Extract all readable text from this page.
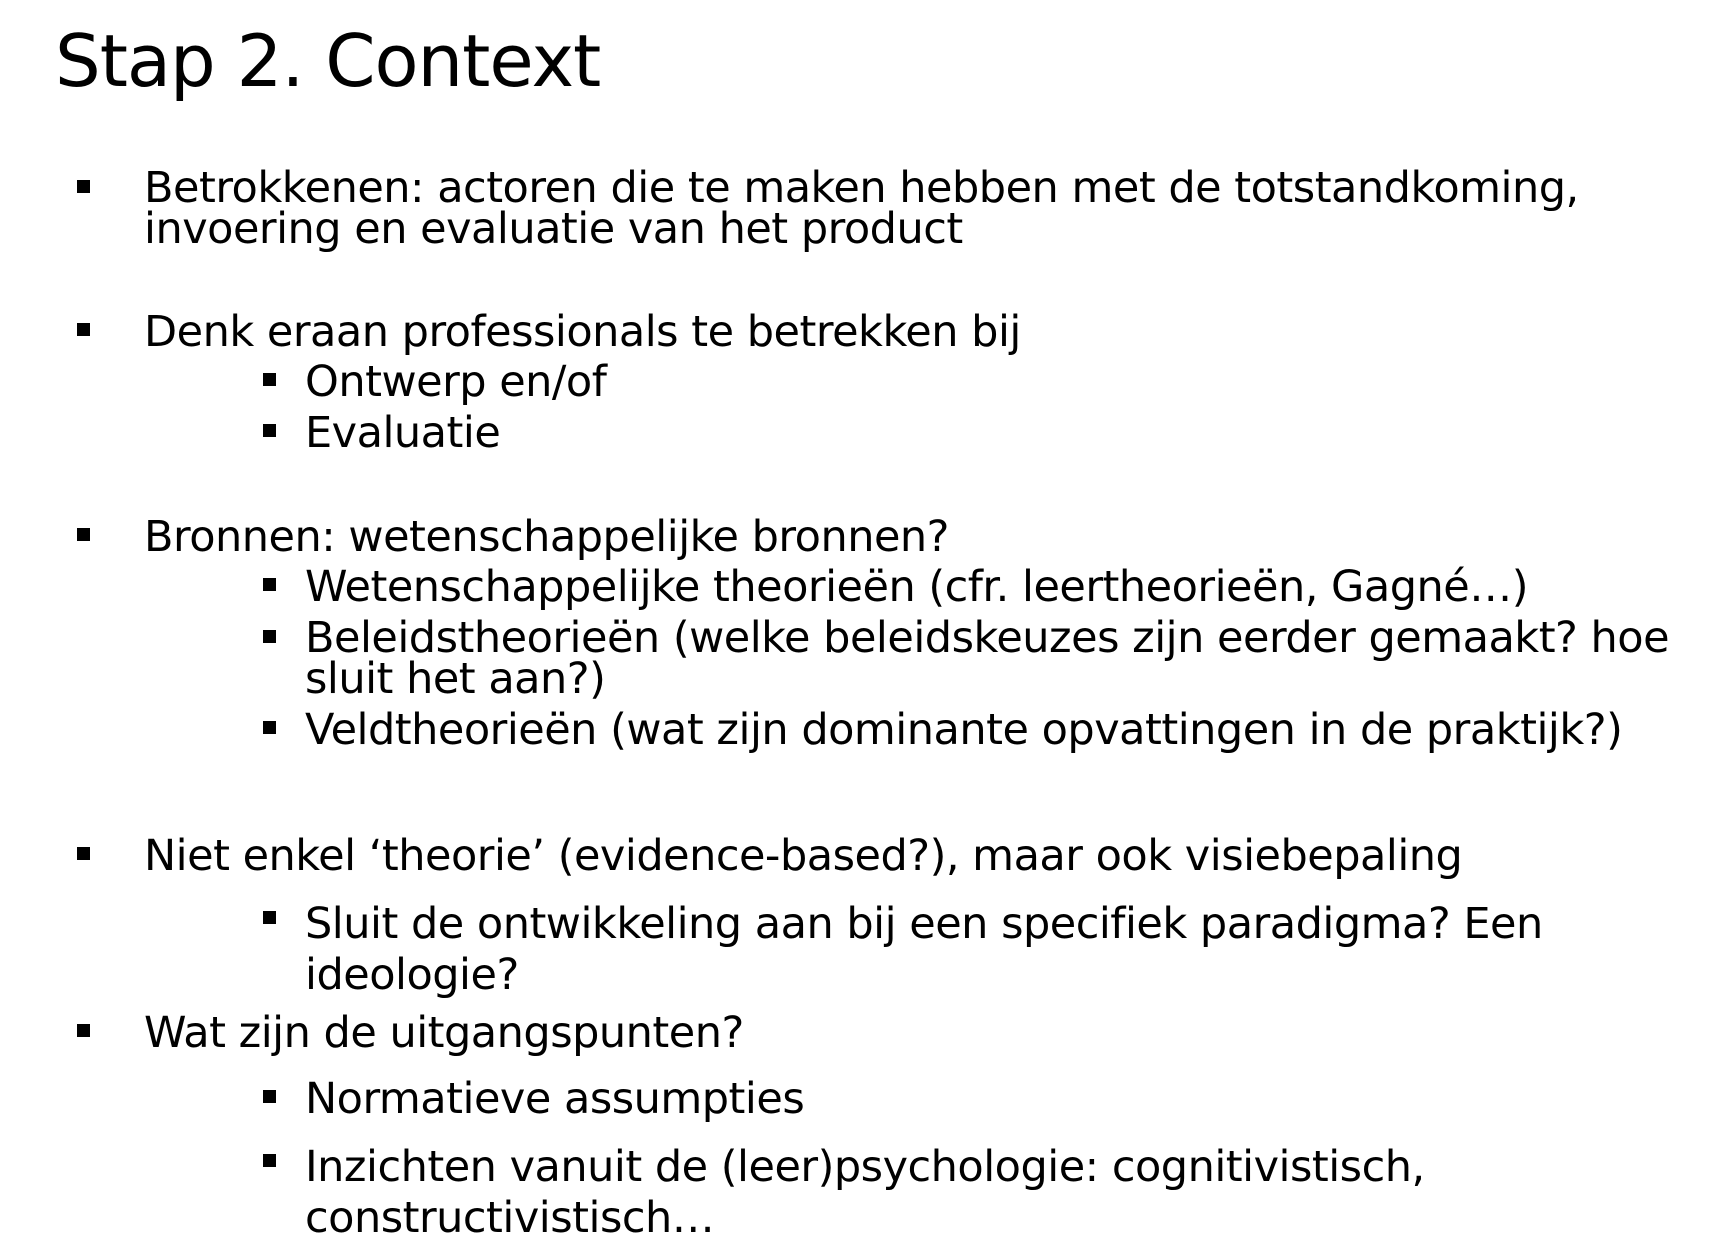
Stap 2. Context
Betrokkenen: actoren die te maken hebben met de totstandkoming,
invoering en evaluatie van het product
Denk eraan professionals te betrekken bij
Ontwerp en/of
Evaluatie
Bronnen: wetenschappelijke bronnen?
Wetenschappelijke theorieën (cfr. leertheorieën, Gagné…)
Beleidstheorieën (welke beleidskeuzes zijn eerder gemaakt? hoe
sluit het aan?)
Veldtheorieën (wat zijn dominante opvattingen in de praktijk?)
Niet enkel ‘theorie’ (evidence-based?), maar ook visiebepaling
Sluit de ontwikkeling aan bij een specifiek paradigma? Een
ideologie?
Wat zijn de uitgangspunten?
Normatieve assumpties
Inzichten vanuit de (leer)psychologie: cognitivistisch,
constructivistisch…
